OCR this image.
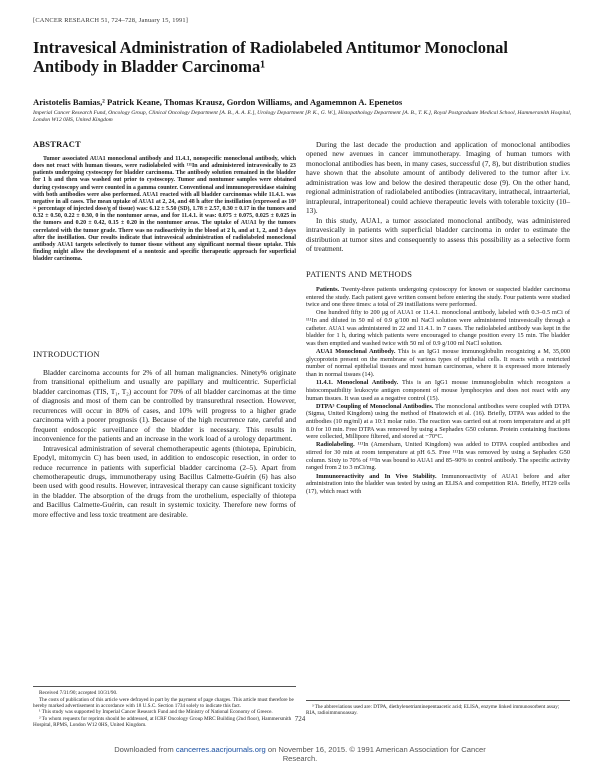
[CANCER RESEARCH 51, 724–728, January 15, 1991]
Intravesical Administration of Radiolabeled Antitumor Monoclonal Antibody in Bladder Carcinoma¹
Aristotelis Bamias,² Patrick Keane, Thomas Krausz, Gordon Williams, and Agamemnon A. Epenetos
Imperial Cancer Research Fund, Oncology Group, Clinical Oncology Department [A. B., A. A. E.], Urology Department [P. K., G. W.], Histopathology Department [A. B., T. K.], Royal Postgraduate Medical School, Hammersmith Hospital, London W12 0HS, United Kingdom
ABSTRACT

Tumor associated AUA1 monoclonal antibody and 11.4.1, nonspecific monoclonal antibody, which does not react with human tissues, were radiolabeled with ¹¹¹In and administered intravesically to 23 patients undergoing cystoscopy for bladder carcinoma. The antibody solution remained in the bladder for 1 h and then was washed out prior to cystoscopy. Tumor and nontumor samples were obtained during cystoscopy and were counted in a gamma counter. Conventional and immunoperoxidase staining with both antibodies were also performed. AUA1 reacted with all bladder carcinomas while 11.4.1. was negative in all cases. The mean uptake of AUA1 at 2, 24, and 48 h after the instillation (expressed as 10³ × percentage of injected dose/g of tissue) was: 6.12 ± 5.50 (SD), 1.78 ± 2.57, 0.30 ± 0.17 in the tumors and 0.32 ± 0.50, 0.22 ± 0.30, 0 in the nontumor areas, and for 11.4.1. it was: 0.075 ± 0.075, 0.025 ± 0.025 in the tumors and 0.20 ± 0.42, 0.15 ± 0.20 in the nontumor areas. The uptake of AUA1 by the tumors correlated with the tumor grade. There was no radioactivity in the blood at 2 h, and at 1, 2, and 3 days after the instillation. Our results indicate that intravesical administration of radiolabeled monoclonal antibody AUA1 targets selectively to tumor tissue without any significant normal tissue uptake. This finding might allow the development of a nontoxic and specific therapeutic approach for superficial bladder carcinoma.

INTRODUCTION

Bladder carcinoma accounts for 2% of all human malignancies. Ninety% originate from transitional epithelium and usually are papillary and multicentric. Superficial bladder carcinomas (TIS, T₁, T₂) account for 70% of all bladder carcinomas at the time of diagnosis and most of them can be controlled by transurethral resection. However, recurrences will occur in 80% of cases, and 10% will progress to a higher grade carcinoma with a poorer prognosis (1). Because of the high recurrence rate, careful and frequent endoscopic surveillance of the bladder is necessary. This results in inconvenience for the patients and an increase in the work load of a urology department.

Intravesical administration of several chemotherapeutic agents (thiotepa, Epirubicin, Epodyl, mitomycin C) has been used, in addition to endoscopic resection, in order to reduce recurrence in patients with superficial bladder carcinoma (2–5). Apart from chemotherapeutic drugs, immunotherapy using Bacillus Calmette-Guérin (6) has also been used with good results. However, intravesical therapy can cause significant toxicity in the bladder. The absorption of the drugs from the urothelium, especially of thiotepa and Bacillus Calmette-Guérin, can result in systemic toxicity. Therefore new forms of more effective and less toxic treatment are desirable.

Received 7/31/90; accepted 10/31/90.

The costs of publication of this article were defrayed in part by the payment of page charges. This article must therefore be hereby marked advertisement in accordance with 18 U.S.C. Section 1734 solely to indicate this fact.

¹ This study was supported by Imperial Cancer Research Fund and the Ministry of National Economy of Greece.

² To whom requests for reprints should be addressed, at ICRF Oncology Group MRC Building (2nd floor), Hammersmith Hospital, RPMS, London W12 0HS, United Kingdom.

During the last decade the production and application of monoclonal antibodies opened new avenues in cancer immunotherapy. Imaging of human tumors with monoclonal antibodies has been, in many cases, successful (7, 8), but distribution studies have shown that the absolute amount of antibody delivered to the tumor after i.v. administration was low and below the desired therapeutic dose (9). On the other hand, regional administration of radiolabeled antibodies (intracavitary, intrathecal, intraarterial, intrapleural, intraperitoneal) could achieve therapeutic levels with tolerable toxicity (10–13).

In this study, AUA1, a tumor associated monoclonal antibody, was administered intravesically in patients with superficial bladder carcinoma in order to estimate the distribution at tumor sites and consequently to assess this possibility as a selective form of treatment.

PATIENTS AND METHODS

Patients. Twenty-three patients undergoing cystoscopy for known or suspected bladder carcinoma entered the study. Each patient gave written consent before entering the study. Four patients were studied twice and one three times: a total of 29 instillations were performed.

One hundred fifty to 200 μg of AUA1 or 11.4.1. monoclonal antibody, labeled with 0.3–0.5 mCi of ¹¹¹In and diluted in 50 ml of 0.9 g/100 ml NaCl solution were administered intravesically through a catheter. AUA1 was administered in 22 and 11.4.1. in 7 cases. The radiolabeled antibody was kept in the bladder for 1 h, during which patients were encouraged to change position every 15 min. The bladder was then emptied and washed twice with 50 ml of 0.9 g/100 ml NaCl solution.

AUA1 Monoclonal Antibody. This is an IgG1 mouse immunoglobulin recognizing a Mᵣ 35,000 glycoprotein present on the membrane of various types of epithelial cells. It reacts with a restricted number of normal epithelial tissues and most human carcinomas, where it is expressed more intensely than in normal tissues (14).

11.4.1. Monoclonal Antibody. This is an IgG1 mouse immunoglobulin which recognizes a histocompatibility leukocyte antigen component of mouse lymphocytes and does not react with any human tissues. It was used as a negative control (15).

DTPA³ Coupling of Monoclonal Antibodies. The monoclonal antibodies were coupled with DTPA (Sigma, United Kingdom) using the method of Hnatowich et al. (16). Briefly, DTPA was added to the antibodies (10 mg/ml) at a 10:1 molar ratio. The reaction was carried out at room temperature and at pH 8.0 for 10 min. Free DTPA was removed by using a Sephadex G50 column. Protein containing fractions were collected, Millipore filtered, and stored at −70°C.

Radiolabeling. ¹¹¹In (Amersham, United Kingdom) was added to DTPA coupled antibodies and stirred for 30 min at room temperature at pH 6.5. Free ¹¹¹In was removed by using a Sephadex G50 column. Sixty to 70% of ¹¹¹In was bound to AUA1 and 85–90% to control antibody. The specific activity ranged from 2 to 3 mCi/mg.

Immunoreactivity and In Vivo Stability. Immunoreactivity of AUA1 before and after administration into the bladder was tested by using an ELISA and competition RIA. Briefly, HT29 cells (17), which react with

³ The abbreviations used are: DTPA, diethylenetriaminepentaacetic acid; ELISA, enzyme linked immunosorbent assay; RIA, radioimmunoassay.

724
Downloaded from cancerres.aacrjournals.org on November 16, 2015. © 1991 American Association for Cancer
Research.
